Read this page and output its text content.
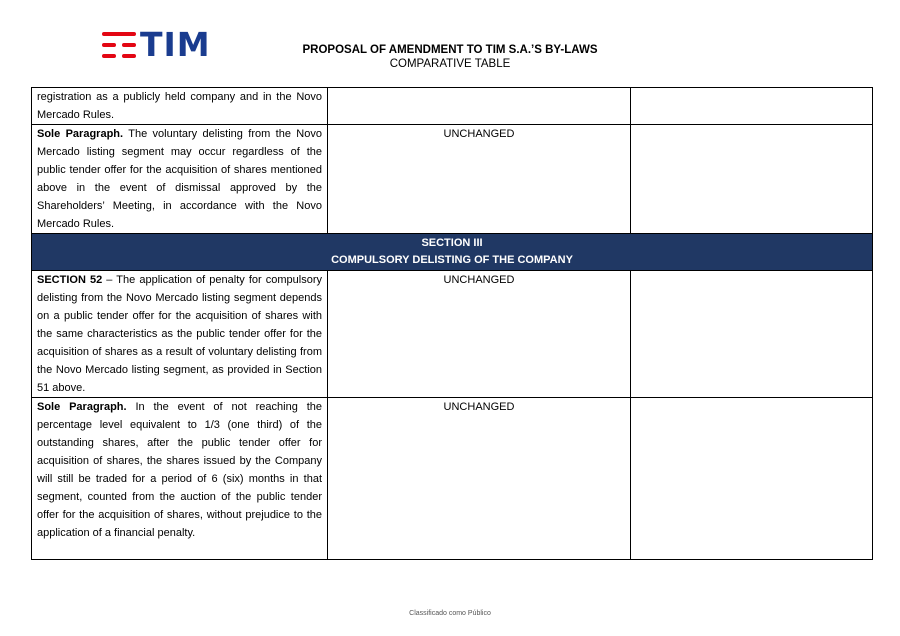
TIM	PROPOSAL OF AMENDMENT TO TIM S.A.’S BY-LAWS
COMPARATIVE TABLE
registration as a publicly held company and in the Novo Mercado Rules.		
Sole Paragraph. The voluntary delisting from the Novo Mercado listing segment may occur regardless of the public tender offer for the acquisition of shares mentioned above in the event of dismissal approved by the Shareholders’ Meeting, in accordance with the Novo Mercado Rules.	UNCHANGED	

SECTION III
COMPULSORY DELISTING OF THE COMPANY		

SECTION 52 – The application of penalty for compulsory delisting from the Novo Mercado listing segment depends on a public tender offer for the acquisition of shares with the same characteristics as the public tender offer for the acquisition of shares as a result of voluntary delisting from the Novo Mercado listing segment, as provided in Section 51 above.	UNCHANGED	
Sole Paragraph. In the event of not reaching the percentage level equivalent to 1/3 (one third) of the outstanding shares, after the public tender offer for acquisition of shares, the shares issued by the Company will still be traded for a period of 6 (six) months in that segment, counted from the auction of the public tender offer for the acquisition of shares, without prejudice to the application of a financial penalty.	UNCHANGED	
Classificado como Público
